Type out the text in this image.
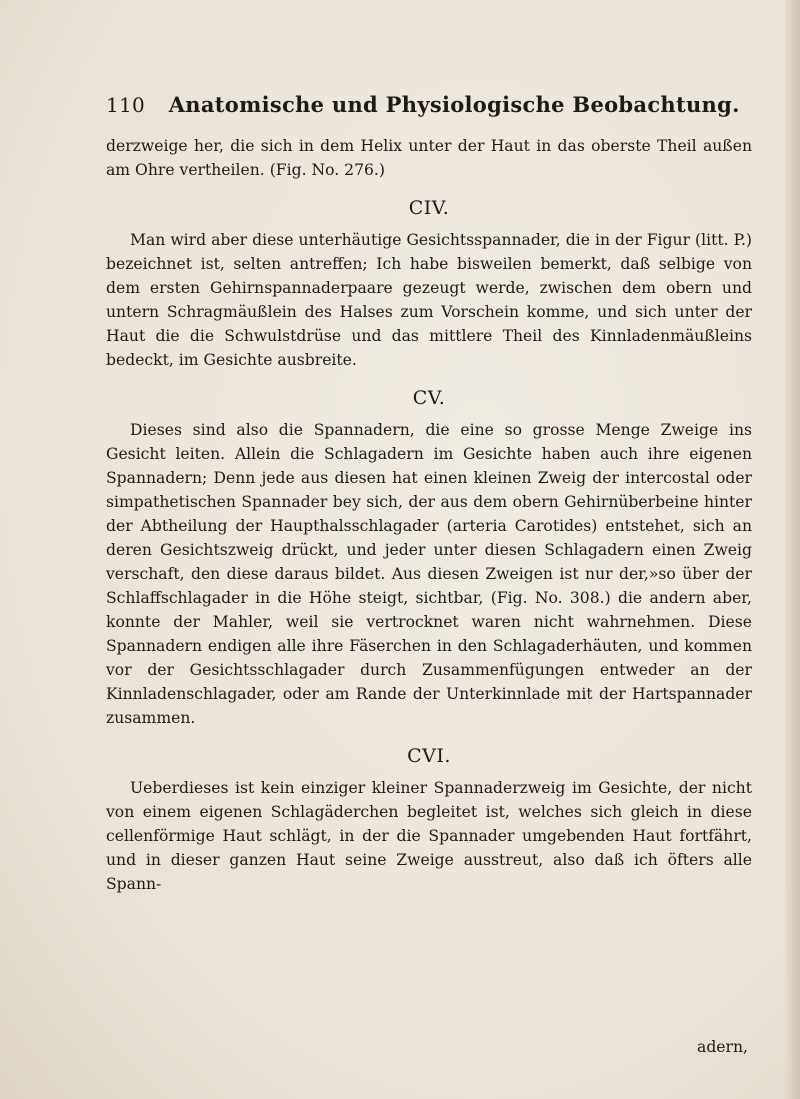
110 Anatomische und Physiologische Beobachtung.

derzweige her, die sich in dem Helix unter der Haut in das oberste Theil außen am Ohre vertheilen. (Fig. No. 276.)

CIV.

Man wird aber diese unterhäutige Gesichtsspannader, die in der Figur (litt. P.) bezeichnet ist, selten antreffen; Ich habe bisweilen bemerkt, daß selbige von dem ersten Gehirnspannaderpaare gezeugt werde, zwischen dem obern und untern Schragmäußlein des Halses zum Vorschein komme, und sich unter der Haut die die Schwulstdrüse und das mittlere Theil des Kinnladenmäußleins bedeckt, im Gesichte ausbreite.

CV.

Dieses sind also die Spannadern, die eine so grosse Menge Zweige ins Gesicht leiten. Allein die Schlagadern im Gesichte haben auch ihre eigenen Spannadern; Denn jede aus diesen hat einen kleinen Zweig der intercostal oder simpathetischen Spannader bey sich, der aus dem obern Gehirnüberbeine hinter der Abtheilung der Haupthalsschlagader (arteria Carotides) entstehet, sich an deren Gesichtszweig drückt, und jeder unter diesen Schlagadern einen Zweig verschaft, den diese daraus bildet. Aus diesen Zweigen ist nur der,»so über der Schlaffschlagader in die Höhe steigt, sichtbar, (Fig. No. 308.) die andern aber, konnte der Mahler, weil sie vertrocknet waren nicht wahrnehmen. Diese Spannadern endigen alle ihre Fäserchen in den Schlagaderhäuten, und kommen vor der Gesichtsschlagader durch Zusammenfügungen entweder an der Kinnladenschlagader, oder am Rande der Unterkinnlade mit der Hartspannader zusammen.

CVI.

Ueberdieses ist kein einziger kleiner Spannaderzweig im Gesichte, der nicht von einem eigenen Schlagäderchen begleitet ist, welches sich gleich in diese cellenförmige Haut schlägt, in der die Spannader umgebenden Haut fortfährt, und in dieser ganzen Haut seine Zweige ausstreut, also daß ich öfters alle Spann-

adern,
